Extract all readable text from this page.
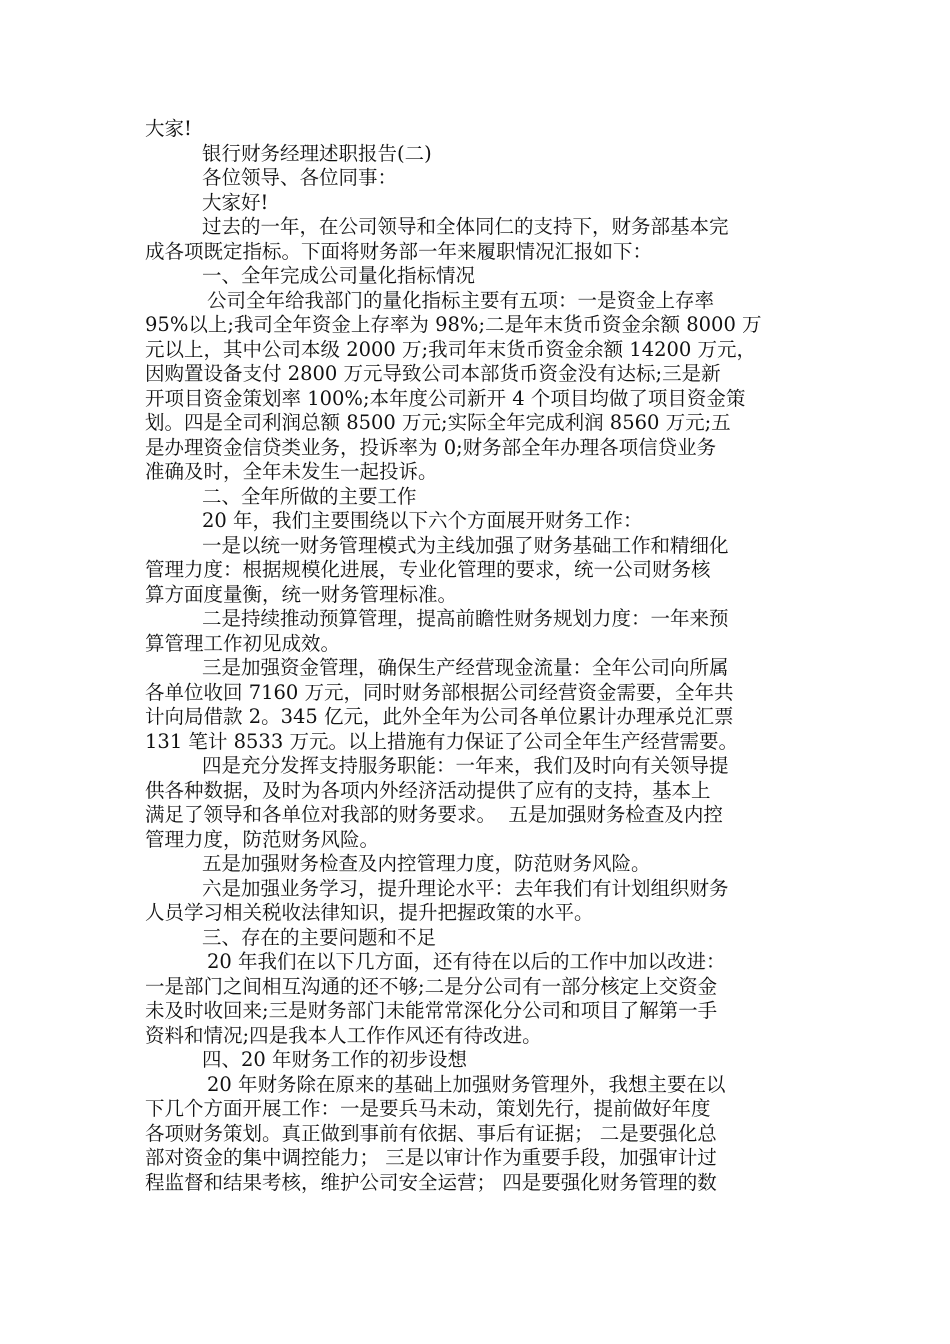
大家!
银行财务经理述职报告(二)
各位领导、各位同事：
大家好!
过去的一年，在公司领导和全体同仁的支持下，财务部基本完
成各项既定指标。下面将财务部一年来履职情况汇报如下：
一、全年完成公司量化指标情况
公司全年给我部门的量化指标主要有五项：一是资金上存率
95%以上;我司全年资金上存率为 98%;二是年末货币资金余额 8000 万
元以上，其中公司本级 2000 万;我司年末货币资金余额 14200 万元，
因购置设备支付 2800 万元导致公司本部货币资金没有达标;三是新
开项目资金策划率 100%;本年度公司新开 4 个项目均做了项目资金策
划。四是全司利润总额 8500 万元;实际全年完成利润 8560 万元;五
是办理资金信贷类业务，投诉率为 0;财务部全年办理各项信贷业务
准确及时，全年未发生一起投诉。
二、全年所做的主要工作
20 年，我们主要围绕以下六个方面展开财务工作：
一是以统一财务管理模式为主线加强了财务基础工作和精细化
管理力度：根据规模化进展，专业化管理的要求，统一公司财务核
算方面度量衡，统一财务管理标准。
二是持续推动预算管理，提高前瞻性财务规划力度：一年来预
算管理工作初见成效。
三是加强资金管理，确保生产经营现金流量：全年公司向所属
各单位收回 7160 万元，同时财务部根据公司经营资金需要，全年共
计向局借款 2。345 亿元，此外全年为公司各单位累计办理承兑汇票
131 笔计 8533 万元。以上措施有力保证了公司全年生产经营需要。
四是充分发挥支持服务职能：一年来，我们及时向有关领导提
供各种数据，及时为各项内外经济活动提供了应有的支持，基本上
满足了领导和各单位对我部的财务要求。  五是加强财务检查及内控
管理力度，防范财务风险。
五是加强财务检查及内控管理力度，防范财务风险。
六是加强业务学习，提升理论水平：去年我们有计划组织财务
人员学习相关税收法律知识，提升把握政策的水平。
三、存在的主要问题和不足
20 年我们在以下几方面，还有待在以后的工作中加以改进：
一是部门之间相互沟通的还不够;二是分公司有一部分核定上交资金
未及时收回来;三是财务部门未能常常深化分公司和项目了解第一手
资料和情况;四是我本人工作作风还有待改进。
四、20 年财务工作的初步设想
20 年财务除在原来的基础上加强财务管理外，我想主要在以
下几个方面开展工作：一是要兵马未动，策划先行，提前做好年度
各项财务策划。真正做到事前有依据、事后有证据； 二是要强化总
部对资金的集中调控能力； 三是以审计作为重要手段，加强审计过
程监督和结果考核，维护公司安全运营； 四是要强化财务管理的数
